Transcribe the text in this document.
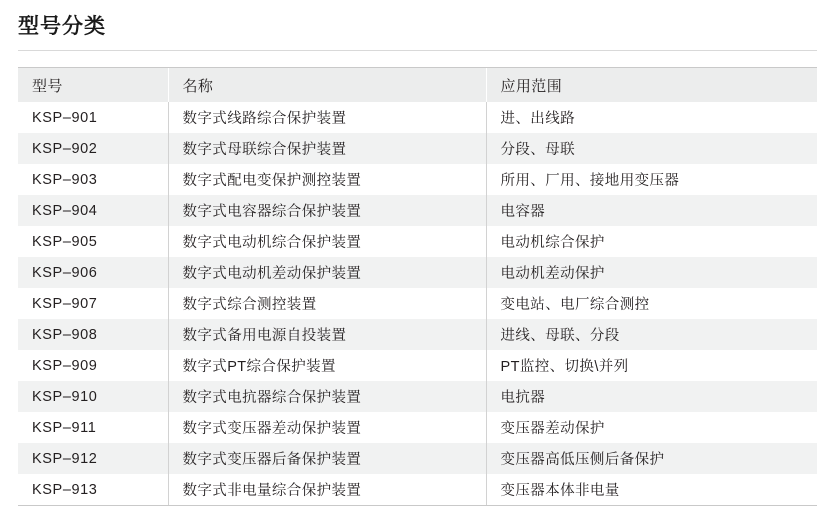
型号分类
型号	名称	应用范围
KSP–901	数字式线路综合保护装置	进、出线路
KSP–902	数字式母联综合保护装置	分段、母联
KSP–903	数字式配电变保护测控装置	所用、厂用、接地用变压器
KSP–904	数字式电容器综合保护装置	电容器
KSP–905	数字式电动机综合保护装置	电动机综合保护
KSP–906	数字式电动机差动保护装置	电动机差动保护
KSP–907	数字式综合测控装置	变电站、电厂综合测控
KSP–908	数字式备用电源自投装置	进线、母联、分段
KSP–909	数字式PT综合保护装置	PT监控、切换\并列
KSP–910	数字式电抗器综合保护装置	电抗器
KSP–911	数字式变压器差动保护装置	变压器差动保护
KSP–912	数字式变压器后备保护装置	变压器高低压侧后备保护
KSP–913	数字式非电量综合保护装置	变压器本体非电量
